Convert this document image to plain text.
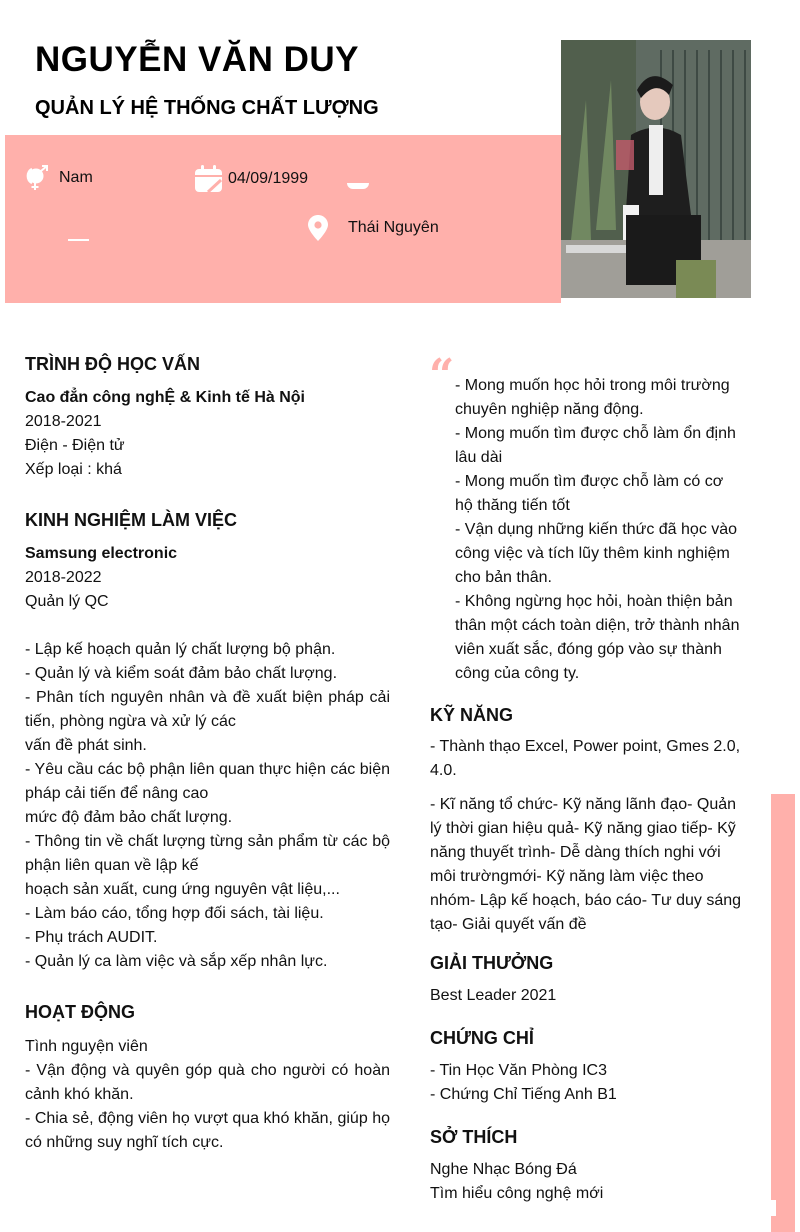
NGUYỄN VĂN DUY
QUẢN LÝ HỆ THỐNG CHẤT LƯỢNG
Nam	04/09/1999
Thái Nguyên
TRÌNH ĐỘ HỌC VẤN
Cao đẳn công nghỆ & Kinh tế Hà Nội
2018-2021
Điện - Điện tử
Xếp loại : khá
KINH NGHIỆM LÀM VIỆC
Samsung electronic
2018-2022
Quản lý QC
- Lập kế hoạch quản lý chất lượng bộ phận.
- Quản lý và kiểm soát đảm bảo chất lượng.
- Phân tích nguyên nhân và đề xuất biện pháp cải tiến, phòng ngừa và xử lý các
vấn đề phát sinh.
- Yêu cầu các bộ phận liên quan thực hiện các biện pháp cải tiến để nâng cao
mức độ đảm bảo chất lượng.
- Thông tin về chất lượng từng sản phẩm từ các bộ phận liên quan về lập kế
hoạch sản xuất, cung ứng nguyên vật liệu,...
- Làm báo cáo, tổng hợp đối sách, tài liệu.
- Phụ trách AUDIT.
- Quản lý ca làm việc và sắp xếp nhân lực.
HOẠT ĐỘNG
Tình nguyện viên
- Vận động và quyên góp quà cho người có hoàn cảnh khó khăn.
- Chia sẻ, động viên họ vượt qua khó khăn, giúp họ có những suy nghĩ tích cực.
“ - Mong muốn học hỏi trong môi trường chuyên nghiệp năng động.
- Mong muốn tìm được chỗ làm ổn định lâu dài
- Mong muốn tìm được chỗ làm có cơ hộ thăng tiến tốt
- Vận dụng những kiến thức đã học vào công việc và tích lũy thêm kinh nghiệm cho bản thân.
- Không ngừng học hỏi, hoàn thiện bản thân một cách toàn diện, trở thành nhân viên xuất sắc, đóng góp vào sự thành công của công ty.
KỸ NĂNG
- Thành thạo Excel, Power point, Gmes 2.0, 4.0.
- Kĩ năng tổ chức- Kỹ năng lãnh đạo- Quản lý thời gian hiệu quả- Kỹ năng giao tiếp- Kỹ năng thuyết trình- Dễ dàng thích nghi với môi trườngmới- Kỹ năng làm việc theo nhóm- Lập kế hoạch, báo cáo- Tư duy sáng tạo- Giải quyết vấn đề
GIẢI THƯỞNG
Best Leader 2021
CHỨNG CHỈ
- Tin Học Văn Phòng IC3
- Chứng Chỉ Tiếng Anh B1
SỞ THÍCH
Nghe Nhạc Bóng Đá
Tìm hiểu công nghệ mới
